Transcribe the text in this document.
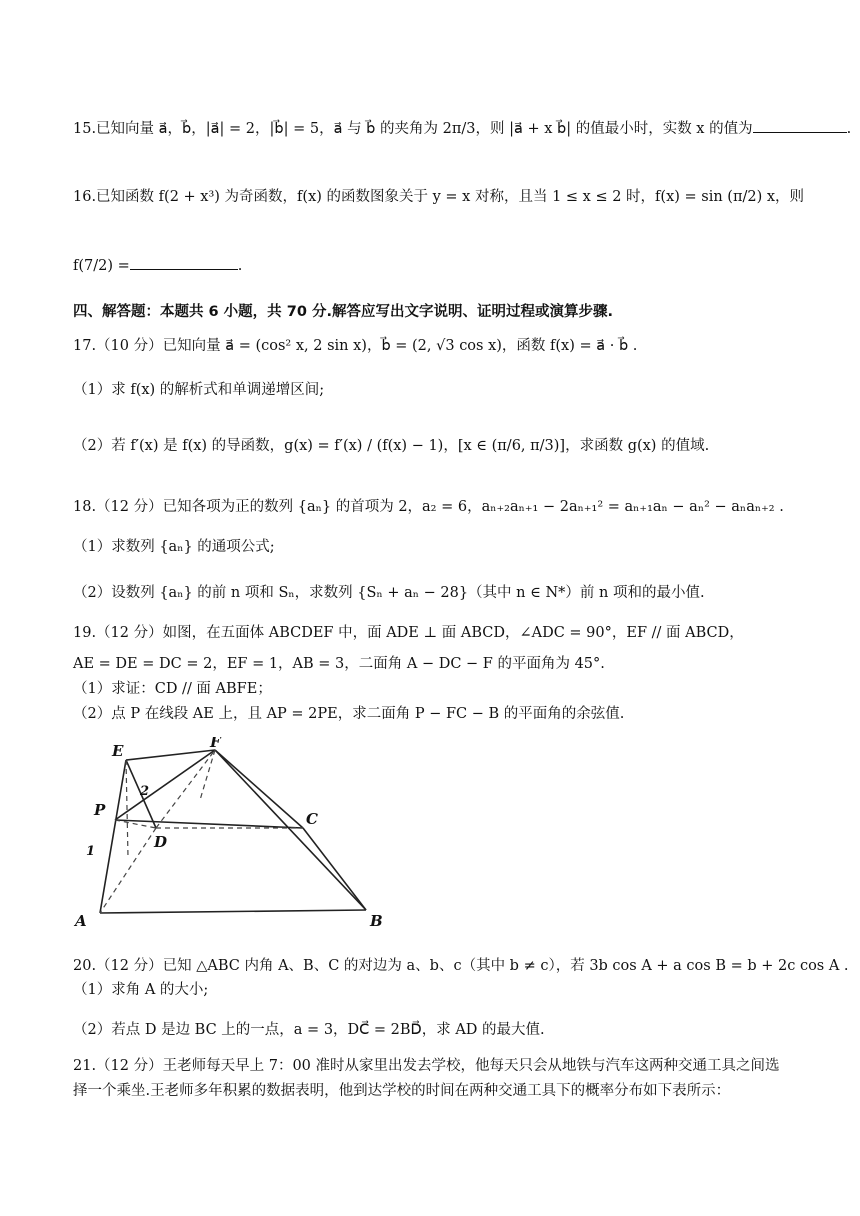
15.已知向量 a⃗，b⃗，|a⃗| = 2，|b⃗| = 5，a⃗ 与 b⃗ 的夹角为 2π/3，则 |a⃗ + x b⃗| 的值最小时，实数 x 的值为	.
16.已知函数 f(2 + x³) 为奇函数，f(x) 的函数图象关于 y = x 对称，且当 1 ≤ x ≤ 2 时，f(x) = sin (π/2) x，则
f(7/2) =	.
四、解答题：本题共 6 小题，共 70 分.解答应写出文字说明、证明过程或演算步骤.
17.（10 分）已知向量 a⃗ = (cos² x, 2 sin x)，b⃗ = (2, √3 cos x)，函数 f(x) = a⃗ · b⃗ .
（1）求 f(x) 的解析式和单调递增区间;
（2）若 f′(x) 是 f(x) 的导函数，g(x) = f′(x) / (f(x) − 1)，[x ∈ (π/6, π/3)]，求函数 g(x) 的值域.
18.（12 分）已知各项为正的数列 {aₙ} 的首项为 2，a₂ = 6，aₙ₊₂aₙ₊₁ − 2aₙ₊₁² = aₙ₊₁aₙ − aₙ² − aₙaₙ₊₂ .
（1）求数列 {aₙ} 的通项公式;
（2）设数列 {aₙ} 的前 n 项和 Sₙ，求数列 {Sₙ + aₙ − 28}（其中 n ∈ N*）前 n 项和的最小值.
19.（12 分）如图，在五面体 ABCDEF 中，面 ADE ⊥ 面 ABCD，∠ADC = 90°，EF // 面 ABCD，
AE = DE = DC = 2，EF = 1，AB = 3，二面角 A − DC − F 的平面角为 45°.
（1）求证：CD // 面 ABFE；
（2）点 P 在线段 AE 上，且 AP = 2PE，求二面角 P − FC − B 的平面角的余弦值.
E	F
P	C
D
A	B
2
1
20.（12 分）已知 △ABC 内角 A、B、C 的对边为 a、b、c（其中 b ≠ c），若 3b cos A + a cos B = b + 2c cos A .
（1）求角 A 的大小;
（2）若点 D 是边 BC 上的一点，a = 3，DC⃗ = 2BD⃗，求 AD 的最大值.
21.（12 分）王老师每天早上 7：00 准时从家里出发去学校，他每天只会从地铁与汽车这两种交通工具之间选
择一个乘坐.王老师多年积累的数据表明，他到达学校的时间在两种交通工具下的概率分布如下表所示：
